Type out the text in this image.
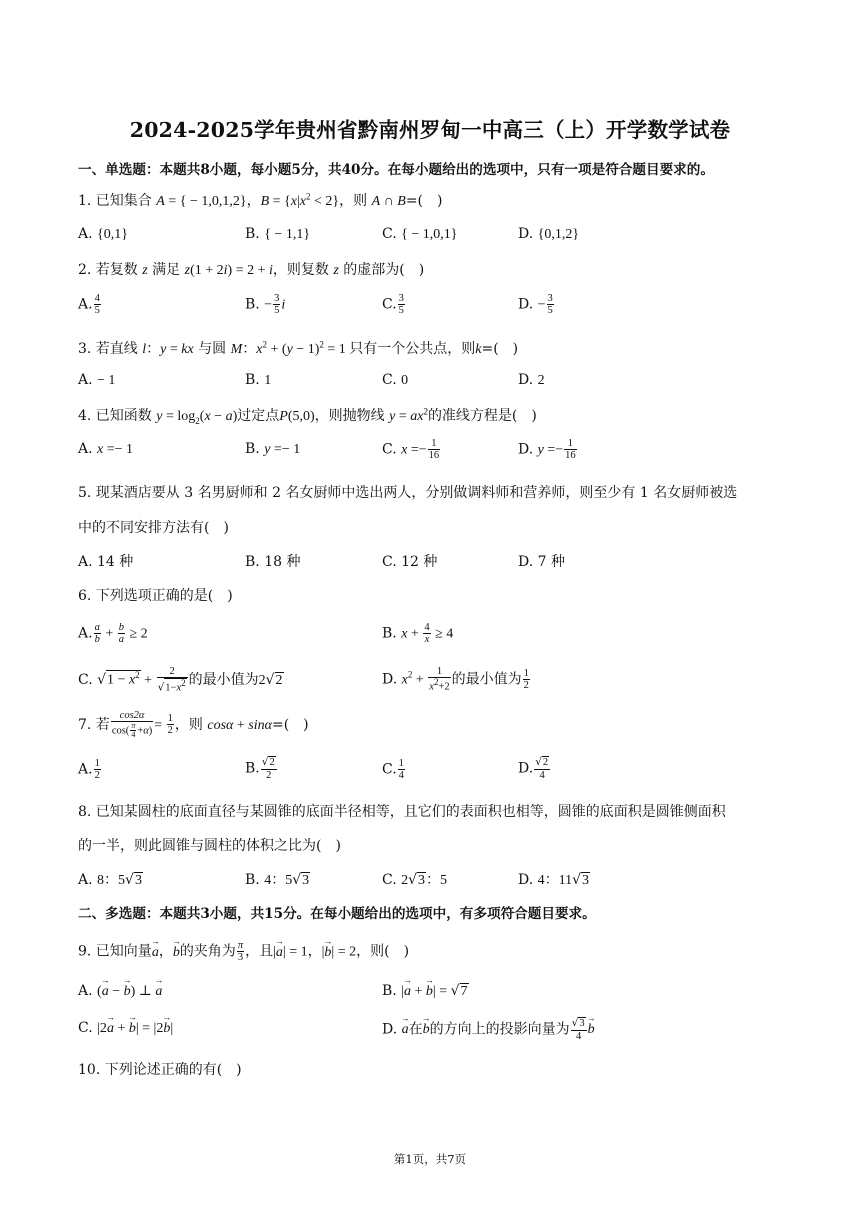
2024-2025学年贵州省黔南州罗甸一中高三（上）开学数学试卷
一、单选题：本题共8小题，每小题5分，共40分。在每小题给出的选项中，只有一项是符合题目要求的。
1. 已知集合 A = { − 1,0,1,2}，$B = \{x|x^2 < 2\}$，则 A ∩ B=(　)
A. {0,1}	B. { − 1,1}	C. { − 1,0,1}	D. {0,1,2}
2. 若复数 z 满足 z(1 + 2i) = 2 + i，则复数 z 的虚部为(　)
A. $\frac{4}{5}$	B. − $\frac{3}{5}$ i	C. $\frac{3}{5}$	D. − $\frac{3}{5}$
3. 若直线 l：y = kx 与圆 M：$x^2 + (y - 1)^2 = 1$ 只有一个公共点，则k=(　)
A. − 1	B. 1	C. 0	D. 2
4. 已知函数 $y = \log_2(x - a)$过定点P(5,0)，则抛物线 $y = ax^2$的准线方程是(　)
A. x =− 1	B. y =− 1	C. $x =- \frac{1}{16}$	D. $y =- \frac{1}{16}$
5. 现某酒店要从 3 名男厨师和 2 名女厨师中选出两人，分别做调料师和营养师，则至少有 1 名女厨师被选
中的不同安排方法有(　)
A. 14 种	B. 18 种	C. 12 种	D. 7 种
6. 下列选项正确的是(　)
A. $\frac{a}{b} + \frac{b}{a} \ge 2$	B. $x + \frac{4}{x} \ge 4$
C. $√1 - x^2 + \frac{2}{√1-x^2}$ 的最小值为2√2	D. $x^2 + \frac{1}{x^2+2}$ 的最小值为 $\frac{1}{2}$
7. 若 $\frac{\cos 2\alpha}{\cos( \frac{\pi}{4} +\alpha)} = \frac{1}{2}$ ，则 cosα + sinα=(　)
A. $\frac{1}{2}$	B. $\frac{√2}{2}$	C. $\frac{1}{4}$	D. $\frac{√2}{4}$
8. 已知某圆柱的底面直径与某圆锥的底面半径相等，且它们的表面积也相等，圆锥的底面积是圆锥侧面积
的一半，则此圆锥与圆柱的体积之比为(　)
A. 8：5√3	B. 4：5√3	C. 2√3：5	D. 4：11√3
二、多选题：本题共3小题，共15分。在每小题给出的选项中，有多项符合题目要求。
9. 已知向量→ a，→ b的夹角为 $\frac{\pi}{3}$ ，且|→ a| = 1，|→ b| = 2，则(　)
A. (→ a − → b) ⊥ → a	B. |→ a + → b| = √7
C. |2→ a + → b| = |2→ b|	D. → a在→ b的方向上的投影向量为 $\frac{√3}{4}$
→ b
10. 下列论述正确的有(　)
第1页，共7页
